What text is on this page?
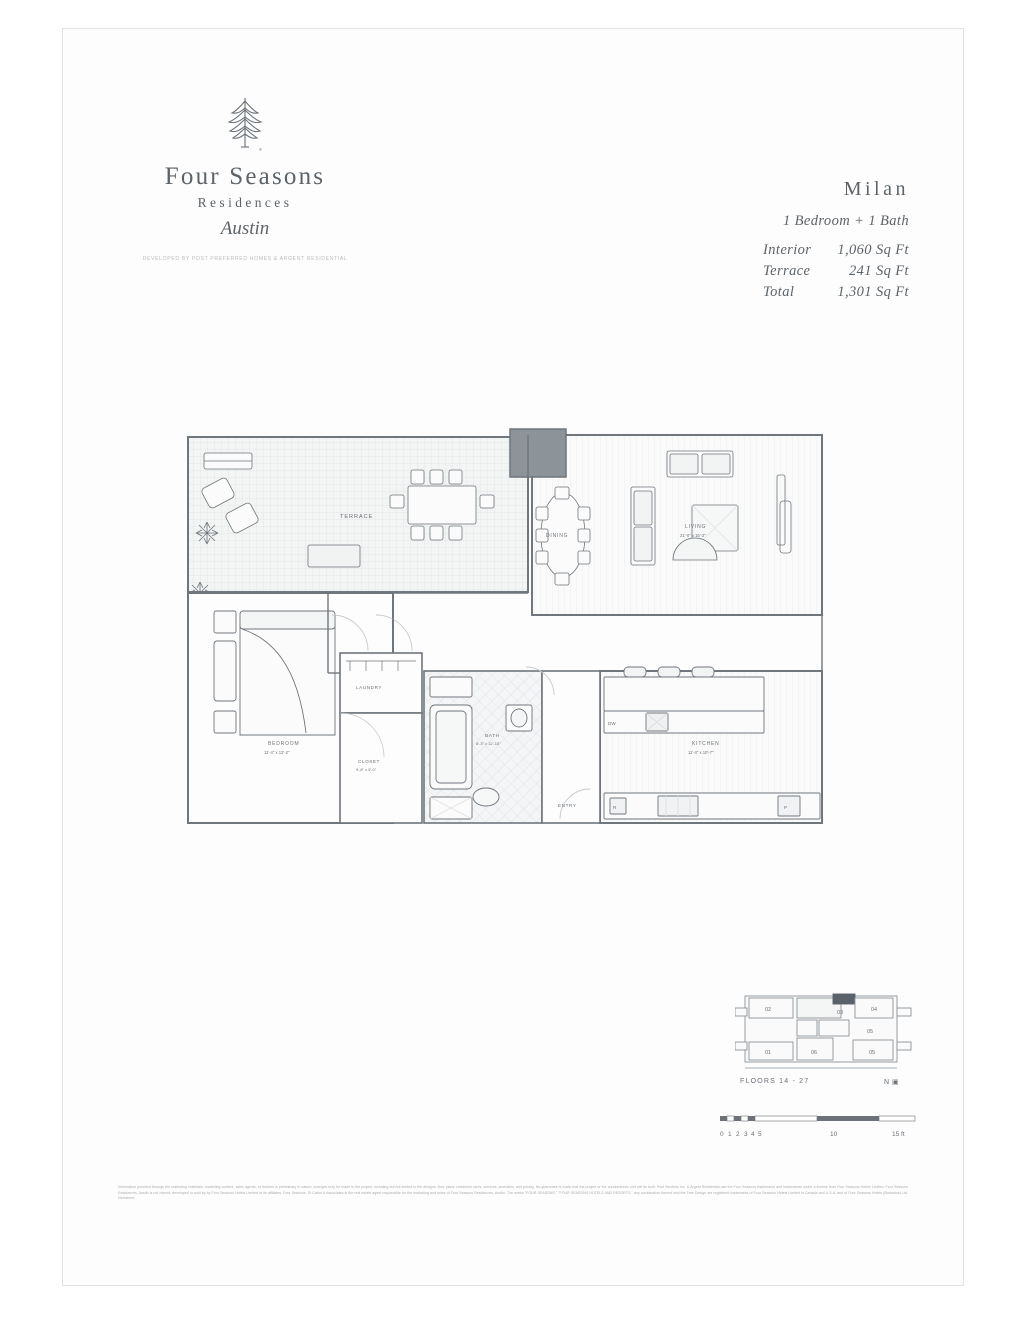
®
Four Seasons
Residences
Austin
DEVELOPED BY POST PREFERRED HOMES & ARGENT RESIDENTIAL
Milan
1 Bedroom + 1 Bath
Interior	1,060 Sq Ft
Terrace	241 Sq Ft
Total	1,301 Sq Ft
TERRACE
DINING
LIVING
21'-0" x 15'-2"
DW
R	P
KITCHEN
11'-4" x 10'-7"
BEDROOM
11'-4" x 12'-2"
LAUNDRY
CLOSET
9'-8" x 5'-0"
BATH
8'-3" x 12'-10"
ENTRY
02	03	04
05
06
01	05
FLOORS 14 - 27	N ▣
0 1 2 3 4 5	10	15 ft
Information provided through the marketing materials, marketing content, sales agents, or brokers is preliminary in nature, changes may be made to the project, including but not limited to the designs, floor plans, residence sizes, services, amenities, and pricing. No guarantee is made that the project or the condominium unit will be built. Post Services Inc. & Argent Residential use the Four Seasons trademarks and tradenames under a license from Four Seasons Hotels Limited. Four Seasons Residences, Austin is not owned, developed or sold by by Four Seasons Hotels Limited or its affiliates. Four Seasons, St Cabot & Associates is the real estate agent responsible for the marketing and sales of Four Seasons Residences, Austin. The marks "FOUR SEASONS," "FOUR SEASONS HOTELS AND RESORTS," any combination thereof and the Tree Design are registered trademarks of Four Seasons Hotels Limited in Canada and U.S.A. and of Four Seasons Hotels (Barbados) Ltd. elsewhere.
